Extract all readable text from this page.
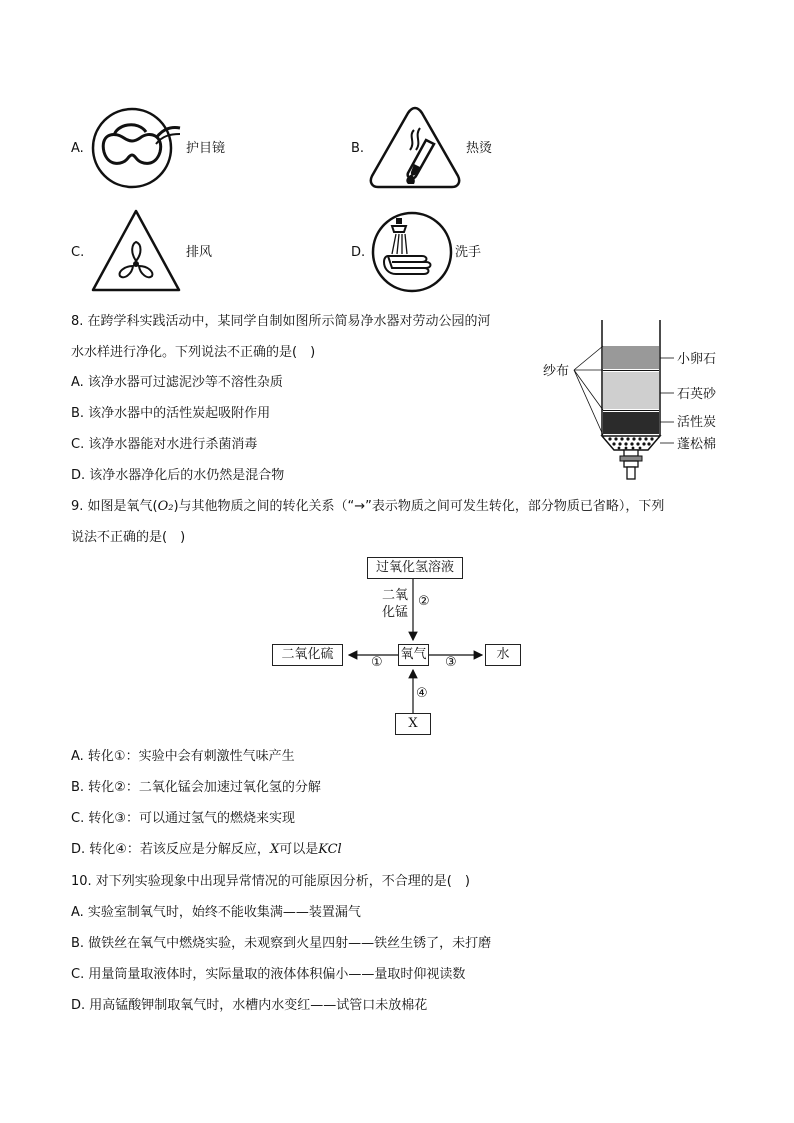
A.	护目镜	B.	热烫
C.	排风	D.	洗手
8. 在跨学科实践活动中，某同学自制如图所示简易净水器对劳动公园的河
水水样进行净化。下列说法不正确的是(　)
A. 该净水器可过滤泥沙等不溶性杂质
B. 该净水器中的活性炭起吸附作用
C. 该净水器能对水进行杀菌消毒
D. 该净水器净化后的水仍然是混合物
纱布
小卵石
石英砂
活性炭
蓬松棉
9. 如图是氧气(O₂)与其他物质之间的转化关系（“→”表示物质之间可发生转化，部分物质已省略），下列
说法不正确的是(　)
过氧化氢溶液
二氧
化锰
②
氧气
二氧化硫
①
水
③
④
X
A. 转化①：实验中会有刺激性气味产生
B. 转化②：二氧化锰会加速过氧化氢的分解
C. 转化③：可以通过氢气的燃烧来实现
D. 转化④：若该反应是分解反应，X可以是KCl
10. 对下列实验现象中出现异常情况的可能原因分析，不合理的是(　)
A. 实验室制氧气时，始终不能收集满——装置漏气
B. 做铁丝在氧气中燃烧实验，未观察到火星四射——铁丝生锈了，未打磨
C. 用量筒量取液体时，实际量取的液体体积偏小——量取时仰视读数
D. 用高锰酸钾制取氧气时，水槽内水变红——试管口未放棉花
